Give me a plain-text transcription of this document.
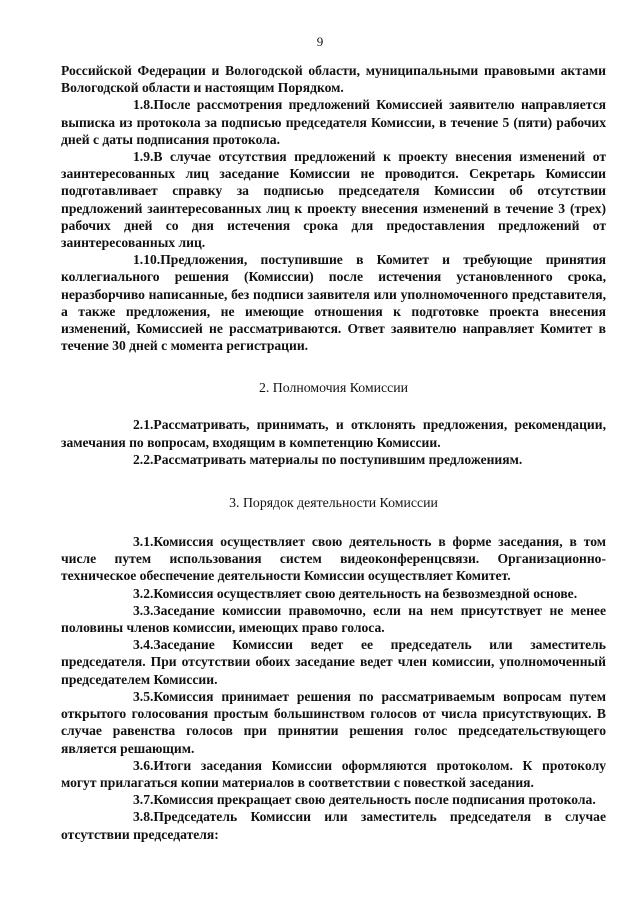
9

Российской Федерации и Вологодской области, муниципальными правовыми актами Вологодской области и настоящим Порядком.

1.8.После рассмотрения предложений Комиссией заявителю направляется выписка из протокола за подписью председателя Комиссии, в течение 5 (пяти) рабочих дней с даты подписания протокола.

1.9.В случае отсутствия предложений к проекту внесения изменений от заинтересованных лиц заседание Комиссии не проводится. Секретарь Комиссии подготавливает справку за подписью председателя Комиссии об отсутствии предложений заинтересованных лиц к проекту внесения изменений в течение 3 (трех) рабочих дней со дня истечения срока для предоставления предложений от заинтересованных лиц.

1.10.Предложения, поступившие в Комитет и требующие принятия коллегиального решения (Комиссии) после истечения установленного срока, неразборчиво написанные, без подписи заявителя или уполномоченного представителя, а также предложения, не имеющие отношения к подготовке проекта внесения изменений, Комиссией не рассматриваются. Ответ заявителю направляет Комитет в течение 30 дней с момента регистрации.

2. Полномочия Комиссии

2.1.Рассматривать, принимать, и отклонять предложения, рекомендации, замечания по вопросам, входящим в компетенцию Комиссии.

2.2.Рассматривать материалы по поступившим предложениям.

3. Порядок деятельности Комиссии

3.1.Комиссия осуществляет свою деятельность в форме заседания, в том числе путем использования систем видеоконференцсвязи. Организационно-техническое обеспечение деятельности Комиссии осуществляет Комитет.

3.2.Комиссия осуществляет свою деятельность на безвозмездной основе.

3.3.Заседание комиссии правомочно, если на нем присутствует не менее половины членов комиссии, имеющих право голоса.

3.4.Заседание Комиссии ведет ее председатель или заместитель председателя. При отсутствии обоих заседание ведет член комиссии, уполномоченный председателем Комиссии.

3.5.Комиссия принимает решения по рассматриваемым вопросам путем открытого голосования простым большинством голосов от числа присутствующих. В случае равенства голосов при принятии решения голос председательствующего является решающим.

3.6.Итоги заседания Комиссии оформляются протоколом. К протоколу могут прилагаться копии материалов в соответствии с повесткой заседания.

3.7.Комиссия прекращает свою деятельность после подписания протокола.

3.8.Председатель Комиссии или заместитель председателя в случае отсутствии председателя:
